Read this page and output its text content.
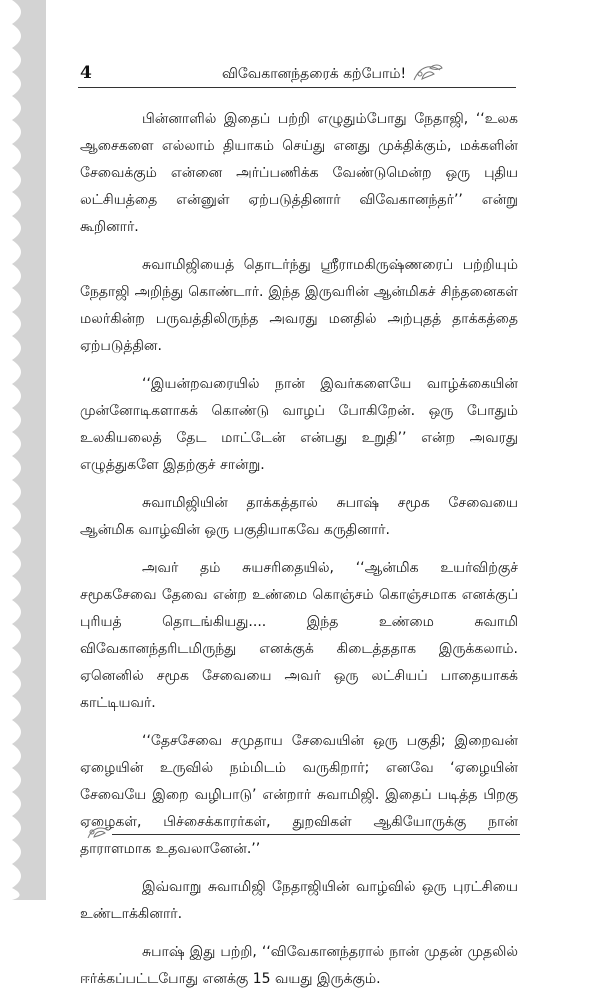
4	விவேகானந்தரைக் கற்போம்!

பின்னாளில் இதைப் பற்றி எழுதும்போது நேதாஜி, ‘‘உலக ஆசைகளை எல்லாம் தியாகம் செய்து எனது முக்திக்கும், மக்களின் சேவைக்கும் என்னை அர்ப்பணிக்க வேண்டுமென்ற ஒரு புதிய லட்சியத்தை என்னுள் ஏற்படுத்தினார் விவேகானந்தர்’’ என்று கூறினார்.

சுவாமிஜியைத் தொடர்ந்து ஸ்ரீராமகிருஷ்ணரைப் பற்றியும் நேதாஜி அறிந்து கொண்டார். இந்த இருவரின் ஆன்மிகச் சிந்தனைகள் மலர்கின்ற பருவத்திலிருந்த அவரது மனதில் அற்புதத் தாக்கத்தை ஏற்படுத்தின.

‘‘இயன்றவரையில் நான் இவர்களையே வாழ்க்கையின் முன்னோடிகளாகக் கொண்டு வாழப் போகிறேன். ஒரு போதும் உலகியலைத் தேட மாட்டேன் என்பது உறுதி’’ என்ற அவரது எழுத்துகளே இதற்குச் சான்று.

சுவாமிஜியின் தாக்கத்தால் சுபாஷ் சமூக சேவையை ஆன்மிக வாழ்வின் ஒரு பகுதியாகவே கருதினார்.

அவர் தம் சுயசரிதையில், ‘‘ஆன்மிக உயர்விற்குச் சமூகசேவை தேவை என்ற உண்மை கொஞ்சம் கொஞ்சமாக எனக்குப் புரியத் தொடங்கியது.... இந்த உண்மை சுவாமி விவேகானந்தரிடமிருந்து எனக்குக் கிடைத்ததாக இருக்கலாம். ஏனெனில் சமூக சேவையை அவர் ஒரு லட்சியப் பாதையாகக் காட்டியவர்.

‘‘தேசசேவை சமுதாய சேவையின் ஒரு பகுதி; இறைவன் ஏழையின் உருவில் நம்மிடம் வருகிறார்; எனவே ‘ஏழையின் சேவையே இறை வழிபாடு’ என்றார் சுவாமிஜி. இதைப் படித்த பிறகு ஏழைகள், பிச்சைக்காரர்கள், துறவிகள் ஆகியோருக்கு நான் தாராளமாக உதவலானேன்.’’

இவ்வாறு சுவாமிஜி நேதாஜியின் வாழ்வில் ஒரு புரட்சியை உண்டாக்கினார்.

சுபாஷ் இது பற்றி, ‘‘விவேகானந்தரால் நான் முதன் முதலில் ஈர்க்கப்பட்டபோது எனக்கு 15 வயது இருக்கும்.
